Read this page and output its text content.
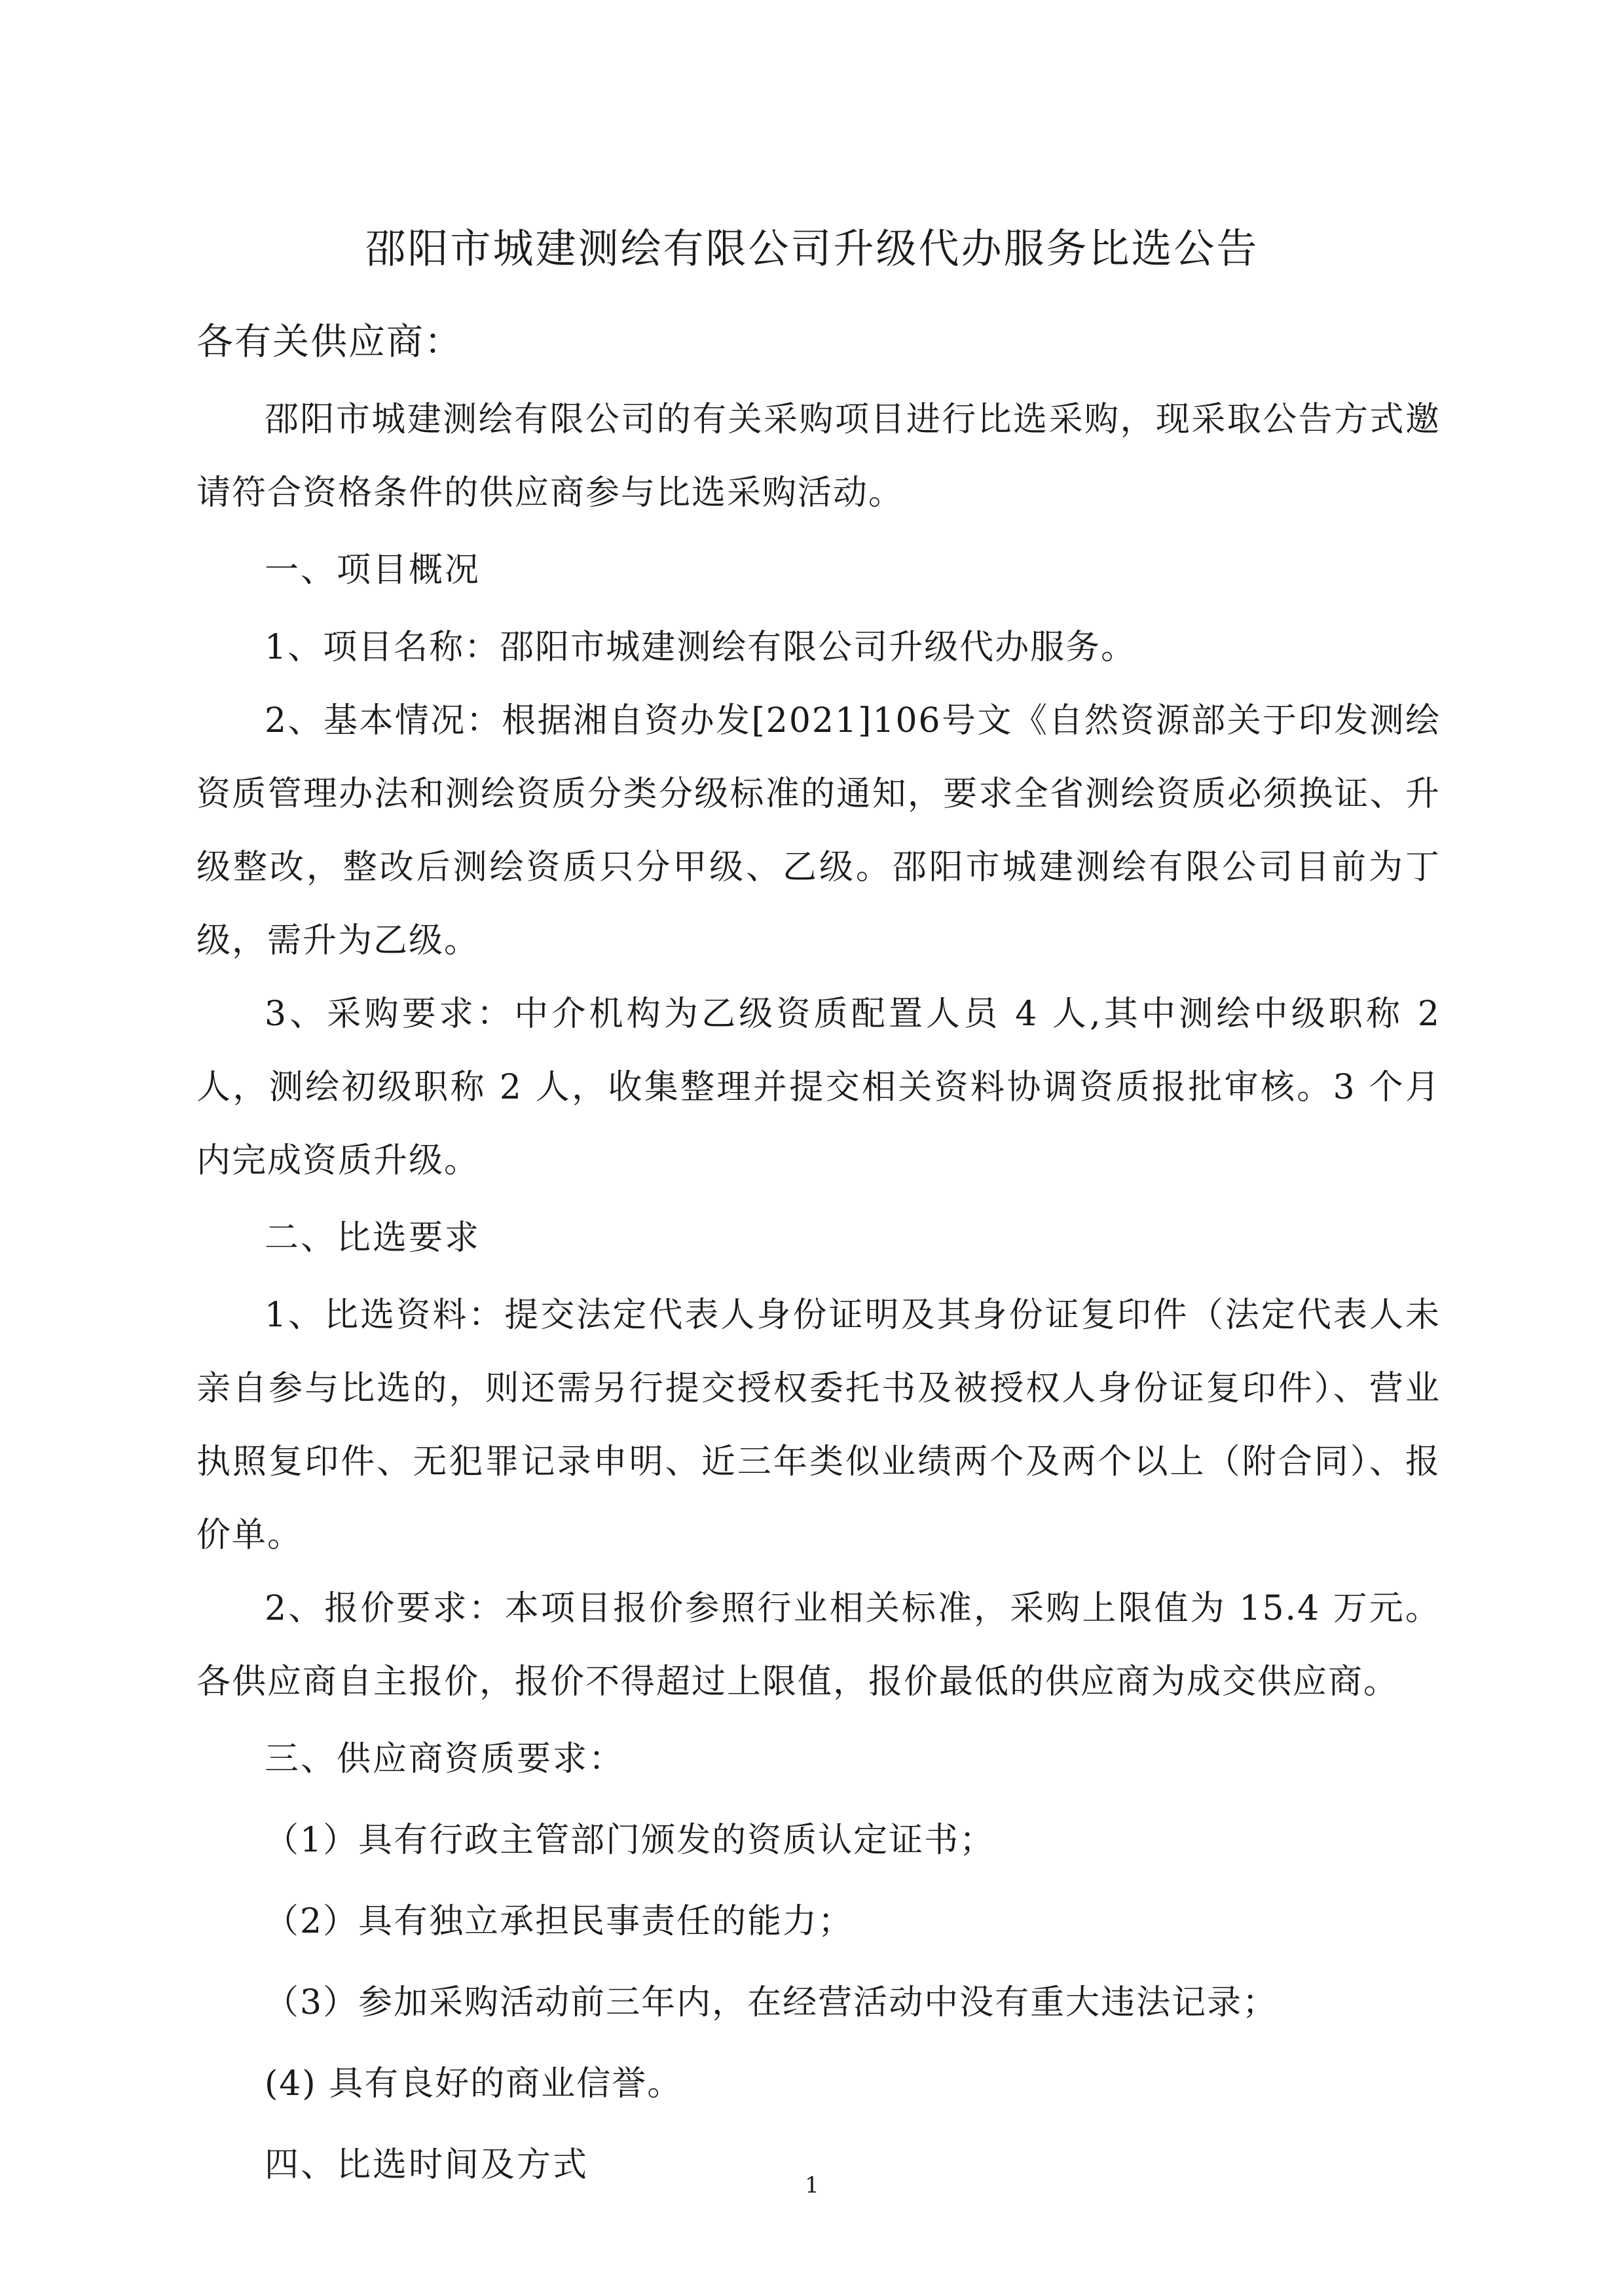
邵阳市城建测绘有限公司升级代办服务比选公告

各有关供应商：

邵阳市城建测绘有限公司的有关采购项目进行比选采购，现采取公告方式邀请符合资格条件的供应商参与比选采购活动。

一、项目概况

1、项目名称：邵阳市城建测绘有限公司升级代办服务。

2、基本情况：根据湘自资办发[2021]106号文《自然资源部关于印发测绘资质管理办法和测绘资质分类分级标准的通知，要求全省测绘资质必须换证、升级整改，整改后测绘资质只分甲级、乙级。邵阳市城建测绘有限公司目前为丁级，需升为乙级。

3、采购要求：中介机构为乙级资质配置人员 4 人,其中测绘中级职称 2 人，测绘初级职称 2 人，收集整理并提交相关资料协调资质报批审核。3 个月内完成资质升级。

二、比选要求

1、比选资料：提交法定代表人身份证明及其身份证复印件（法定代表人未亲自参与比选的，则还需另行提交授权委托书及被授权人身份证复印件）、营业执照复印件、无犯罪记录申明、近三年类似业绩两个及两个以上（附合同）、报价单。

2、报价要求：本项目报价参照行业相关标准，采购上限值为 15.4 万元。各供应商自主报价，报价不得超过上限值，报价最低的供应商为成交供应商。

三、供应商资质要求：

（1）具有行政主管部门颁发的资质认定证书；

（2）具有独立承担民事责任的能力；

（3）参加采购活动前三年内，在经营活动中没有重大违法记录；

(4) 具有良好的商业信誉。

四、比选时间及方式

1
